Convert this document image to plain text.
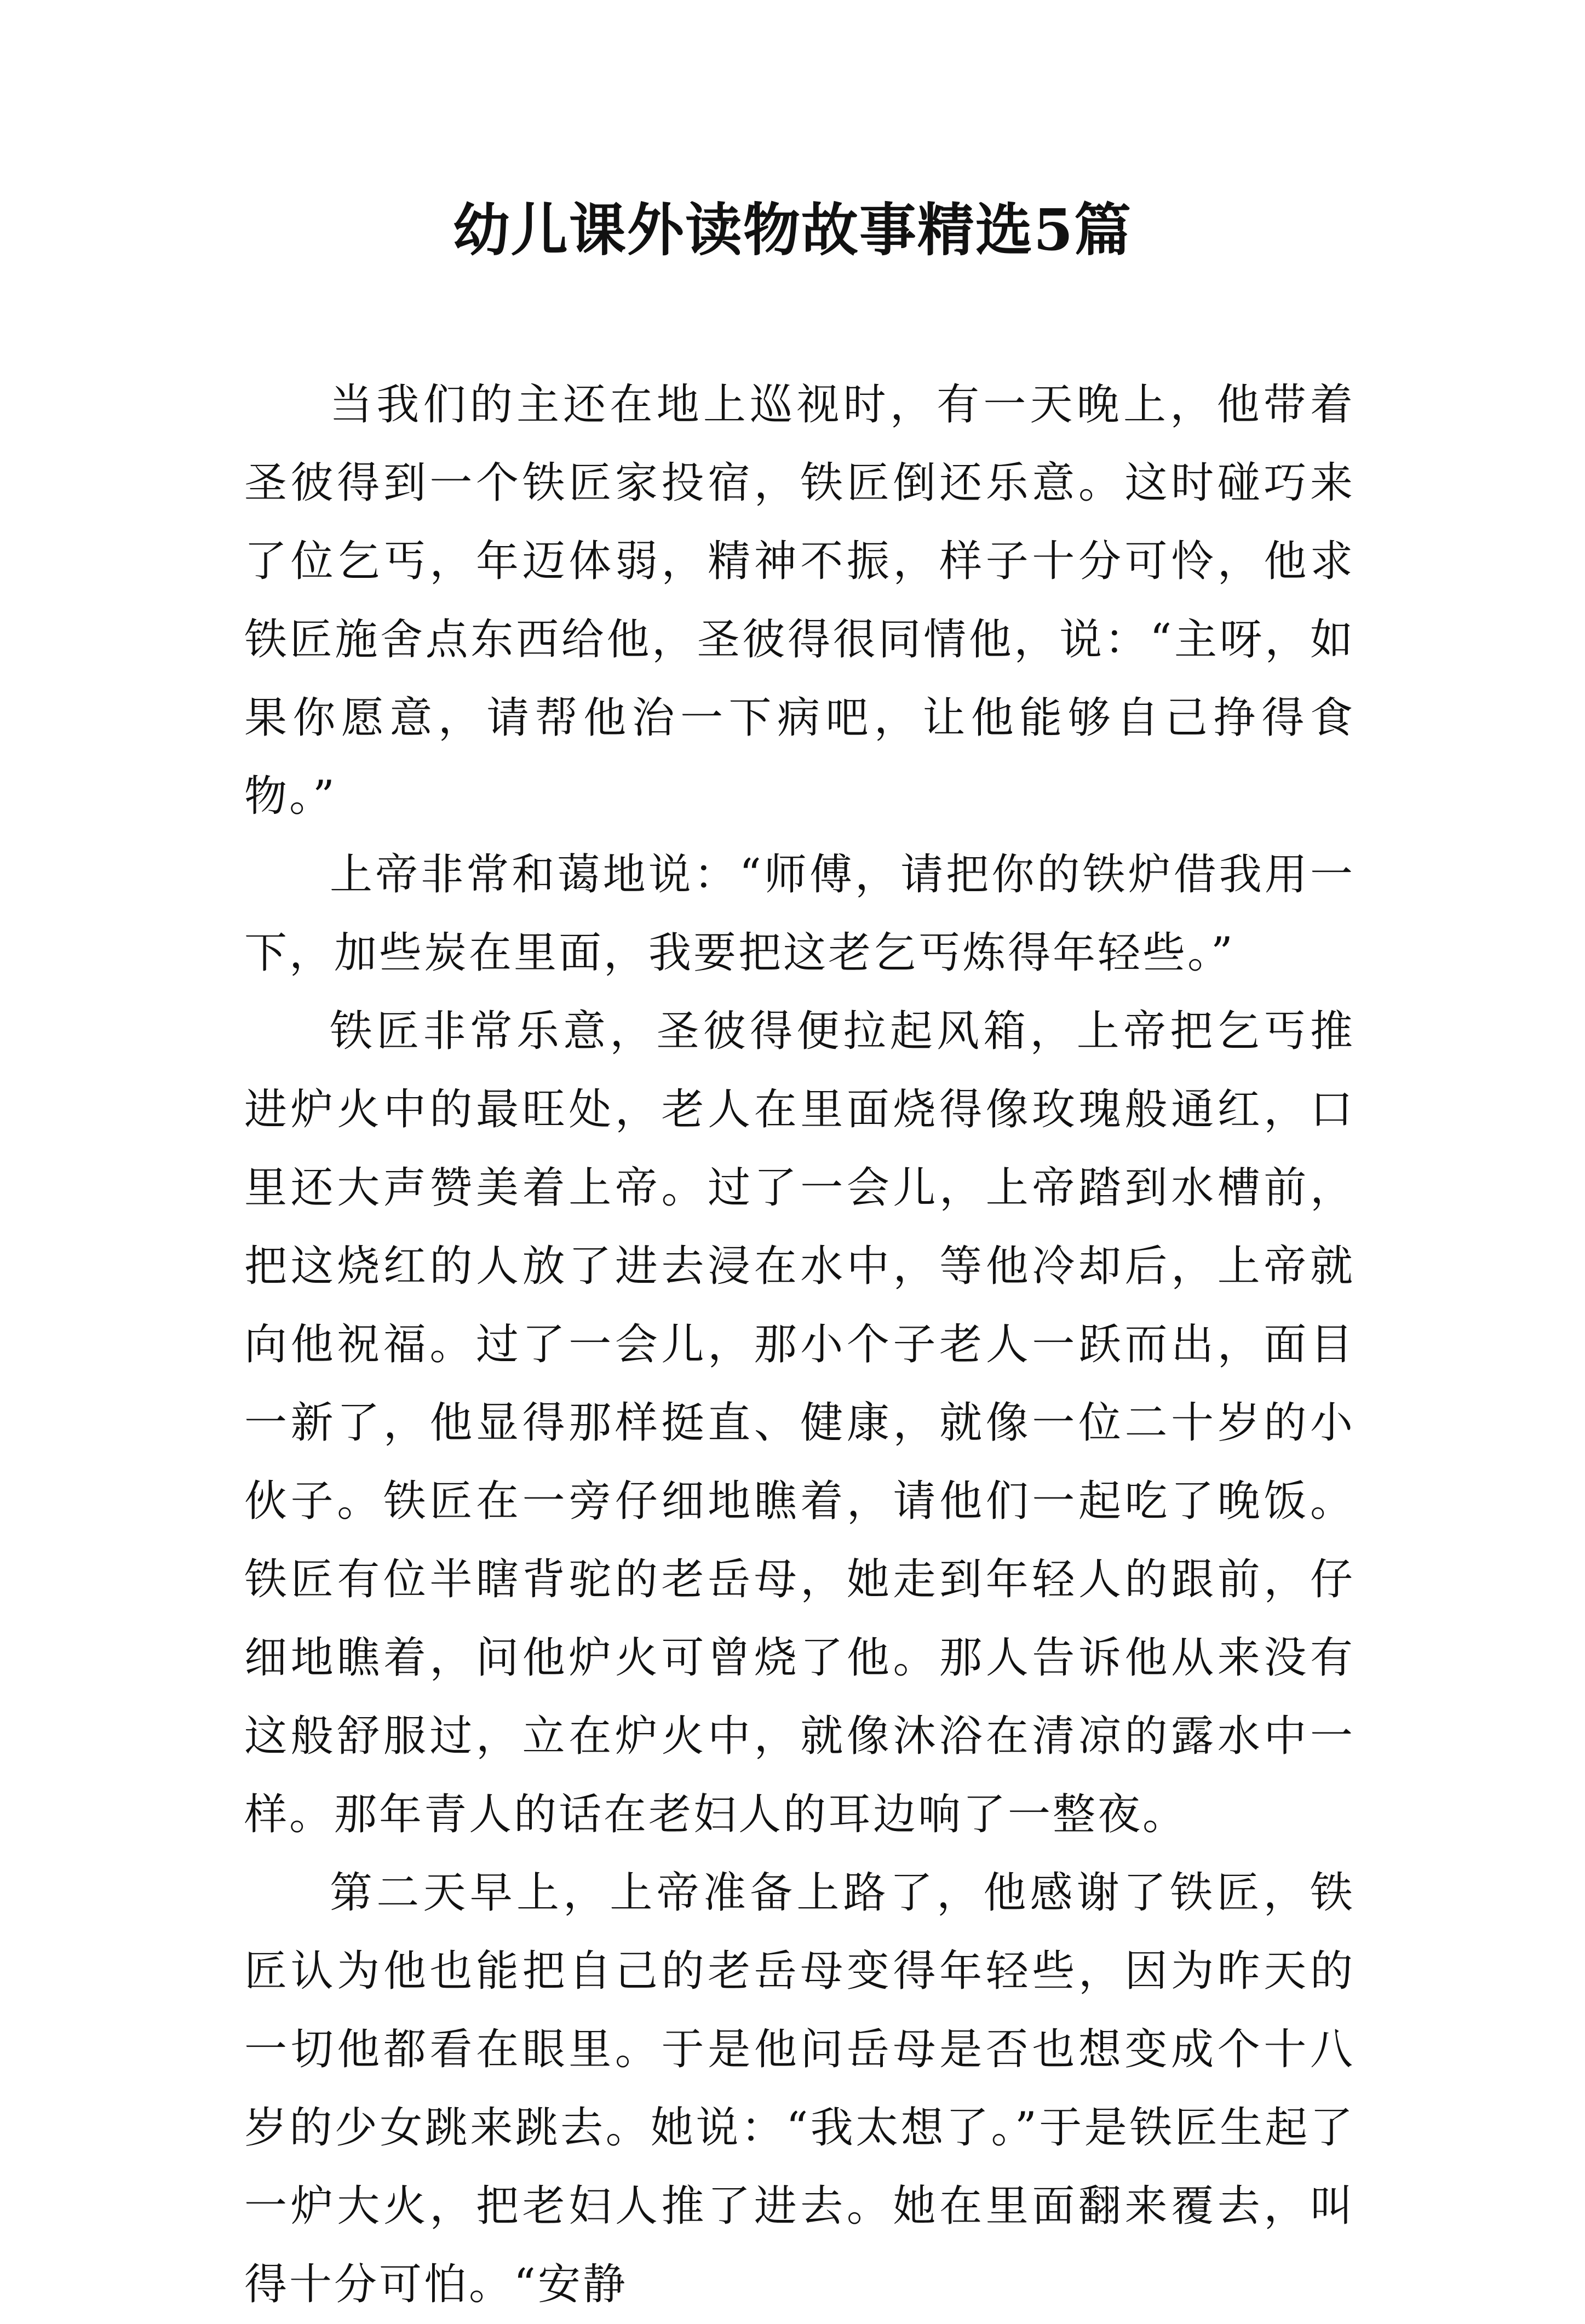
幼儿课外读物故事精选5篇

当我们的主还在地上巡视时，有一天晚上，他带着圣彼得到一个铁匠家投宿，铁匠倒还乐意。这时碰巧来了位乞丐，年迈体弱，精神不振，样子十分可怜，他求铁匠施舍点东西给他，圣彼得很同情他，说：“主呀，如果你愿意，请帮他治一下病吧，让他能够自己挣得食物。”

上帝非常和蔼地说：“师傅，请把你的铁炉借我用一下，加些炭在里面，我要把这老乞丐炼得年轻些。”

铁匠非常乐意，圣彼得便拉起风箱，上帝把乞丐推进炉火中的最旺处，老人在里面烧得像玫瑰般通红，口里还大声赞美着上帝。过了一会儿，上帝踏到水槽前，把这烧红的人放了进去浸在水中，等他冷却后，上帝就向他祝福。过了一会儿，那小个子老人一跃而出，面目一新了，他显得那样挺直、健康，就像一位二十岁的小伙子。铁匠在一旁仔细地瞧着，请他们一起吃了晚饭。铁匠有位半瞎背驼的老岳母，她走到年轻人的跟前，仔细地瞧着，问他炉火可曾烧了他。那人告诉他从来没有这般舒服过，立在炉火中，就像沐浴在清凉的露水中一样。那年青人的话在老妇人的耳边响了一整夜。

第二天早上，上帝准备上路了，他感谢了铁匠，铁匠认为他也能把自己的老岳母变得年轻些，因为昨天的一切他都看在眼里。于是他问岳母是否也想变成个十八岁的少女跳来跳去。她说：“我太想了。”于是铁匠生起了一炉大火，把老妇人推了进去。她在里面翻来覆去，叫得十分可怕。“安静
